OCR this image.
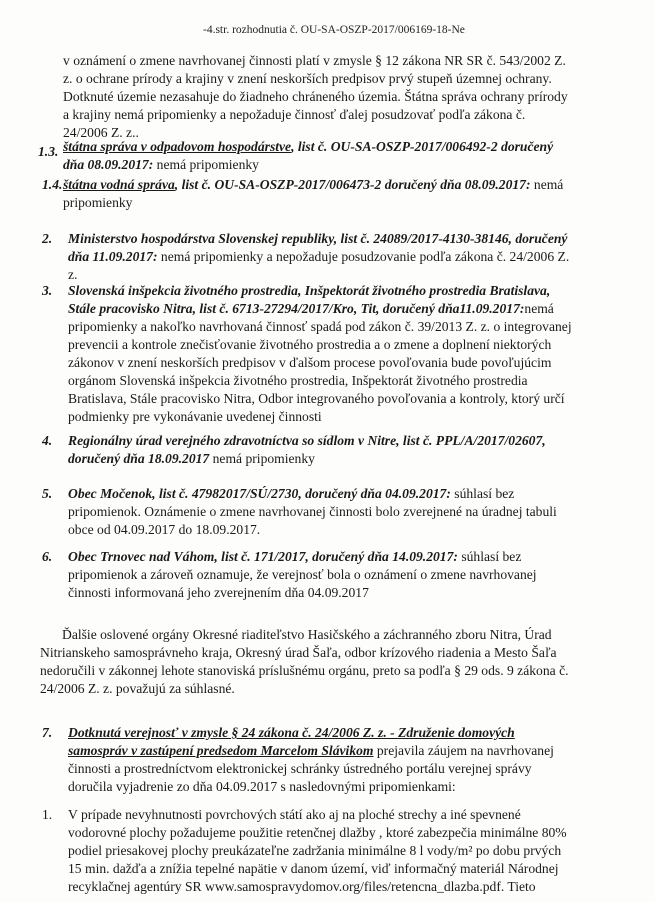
-4.str. rozhodnutia č. OU-SA-OSZP-2017/006169-18-Ne
v oznámení o zmene navrhovanej činnosti platí v zmysle § 12 zákona NR SR č. 543/2002 Z.
z. o ochrane prírody a krajiny v znení neskorších predpisov prvý stupeň územnej ochrany.
Dotknuté územie nezasahuje do žiadneho chráneného územia. Štátna správa ochrany prírody
a krajiny nemá pripomienky a nepožaduje činnosť ďalej posudzovať podľa zákona č.
24/2006 Z. z..
1.3. štátna správa v odpadovom hospodárstve, list č. OU-SA-OSZP-2017/006492-2 doručený
dňa 08.09.2017: nemá pripomienky
1.4. štátna vodná správa, list č. OU-SA-OSZP-2017/006473-2 doručený dňa 08.09.2017: nemá
pripomienky
2. Ministerstvo hospodárstva Slovenskej republiky, list č. 24089/2017-4130-38146, doručený
dňa 11.09.2017: nemá pripomienky a nepožaduje posudzovanie podľa zákona č. 24/2006 Z.
z.
3. Slovenská inšpekcia životného prostredia, Inšpektorát životného prostredia Bratislava,
Stále pracovisko Nitra, list č. 6713-27294/2017/Kro, Tit, doručený dňa11.09.2017:nemá
pripomienky a nakoľko navrhovaná činnosť spadá pod zákon č. 39/2013 Z. z. o integrovanej
prevencii a kontrole znečisťovanie životného prostredia a o zmene a doplnení niektorých
zákonov v znení neskorších predpisov v ďalšom procese povoľovania bude povoľujúcim
orgánom Slovenská inšpekcia životného prostredia, Inšpektorát životného prostredia
Bratislava, Stále pracovisko Nitra, Odbor integrovaného povoľovania a kontroly, ktorý určí
podmienky pre vykonávanie uvedenej činnosti
4. Regionálny úrad verejného zdravotníctva so sídlom v Nitre, list č. PPL/A/2017/02607,
doručený dňa 18.09.2017 nemá pripomienky
5. Obec Močenok, list č. 47982017/SÚ/2730, doručený dňa 04.09.2017: súhlasí bez
pripomienok. Oznámenie o zmene navrhovanej činnosti bolo zverejnené na úradnej tabuli
obce od 04.09.2017 do 18.09.2017.
6. Obec Trnovec nad Váhom, list č. 171/2017, doručený dňa 14.09.2017: súhlasí bez
pripomienok a zároveň oznamuje, že verejnosť bola o oznámení o zmene navrhovanej
činnosti informovaná jeho zverejnením dňa 04.09.2017
Ďalšie oslovené orgány Okresné riaditeľstvo Hasičského a záchranného zboru Nitra, Úrad
Nitrianskeho samosprávneho kraja, Okresný úrad Šaľa, odbor krízového riadenia a Mesto Šaľa
nedoručili v zákonnej lehote stanoviská príslušnému orgánu, preto sa podľa § 29 ods. 9 zákona č.
24/2006 Z. z. považujú za súhlasné.
7. Dotknutá verejnosť v zmysle § 24 zákona č. 24/2006 Z. z. - Združenie domových
samospráv v zastúpení predsedom Marcelom Slávikom prejavila záujem na navrhovanej
činnosti a prostredníctvom elektronickej schránky ústredného portálu verejnej správy
doručila vyjadrenie zo dňa 04.09.2017 s nasledovnými pripomienkami:
1. V prípade nevyhnutnosti povrchových státí ako aj na ploché strechy a iné spevnené
vodorovné plochy požadujeme použitie retenčnej dlažby , ktoré zabezpečia minimálne 80%
podiel priesakovej plochy preukázateľne zadržania minimálne 8 l vody/m² po dobu prvých
15 min. dažďa a znížia tepelné napätie v danom území, viď informačný materiál Národnej
recyklačnej agentúry SR www.samospravydomov.org/files/retencna_dlazba.pdf. Tieto
